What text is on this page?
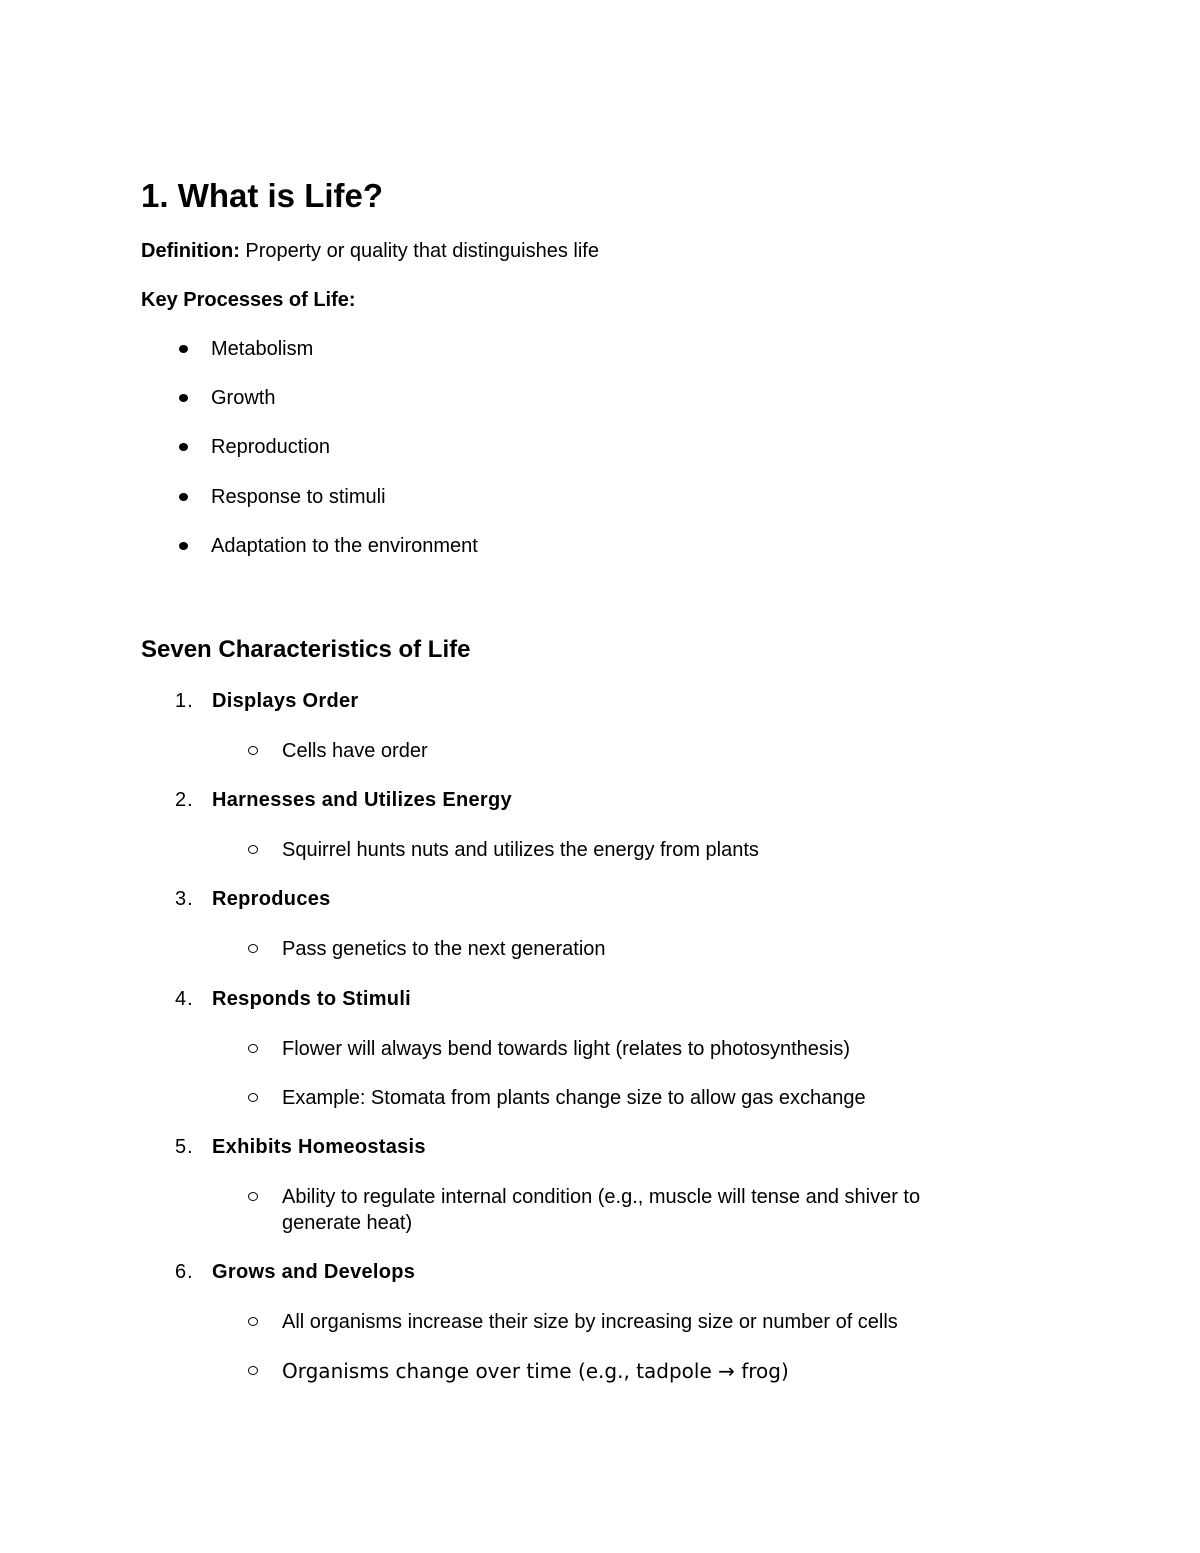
1. What is Life?
Definition: Property or quality that distinguishes life
Key Processes of Life:
Metabolism
Growth
Reproduction
Response to stimuli
Adaptation to the environment
Seven Characteristics of Life
1. Displays Order
Cells have order
2. Harnesses and Utilizes Energy
Squirrel hunts nuts and utilizes the energy from plants
3. Reproduces
Pass genetics to the next generation
4. Responds to Stimuli
Flower will always bend towards light (relates to photosynthesis)
Example: Stomata from plants change size to allow gas exchange
5. Exhibits Homeostasis
Ability to regulate internal condition (e.g., muscle will tense and shiver to generate heat)
6. Grows and Develops
All organisms increase their size by increasing size or number of cells
Organisms change over time (e.g., tadpole → frog)
